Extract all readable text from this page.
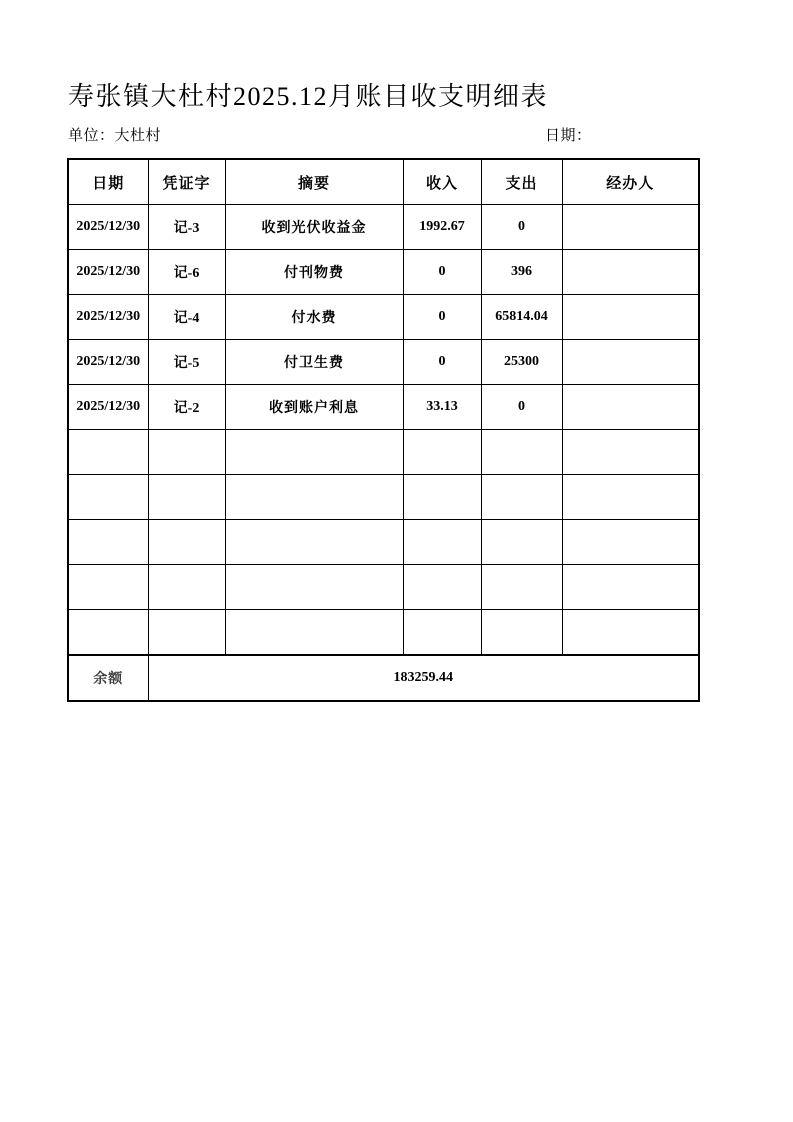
寿张镇大杜村2025.12月账目收支明细表
单位：大杜村	日期：
日期	凭证字	摘要	收入	支出	经办人
2025/12/30	记-3	收到光伏收益金	1992.67	0	
2025/12/30	记-6	付刊物费	0	396	
2025/12/30	记-4	付水费	0	65814.04	
2025/12/30	记-5	付卫生费	0	25300	
2025/12/30	记-2	收到账户利息	33.13	0	

余额	183259.44				
